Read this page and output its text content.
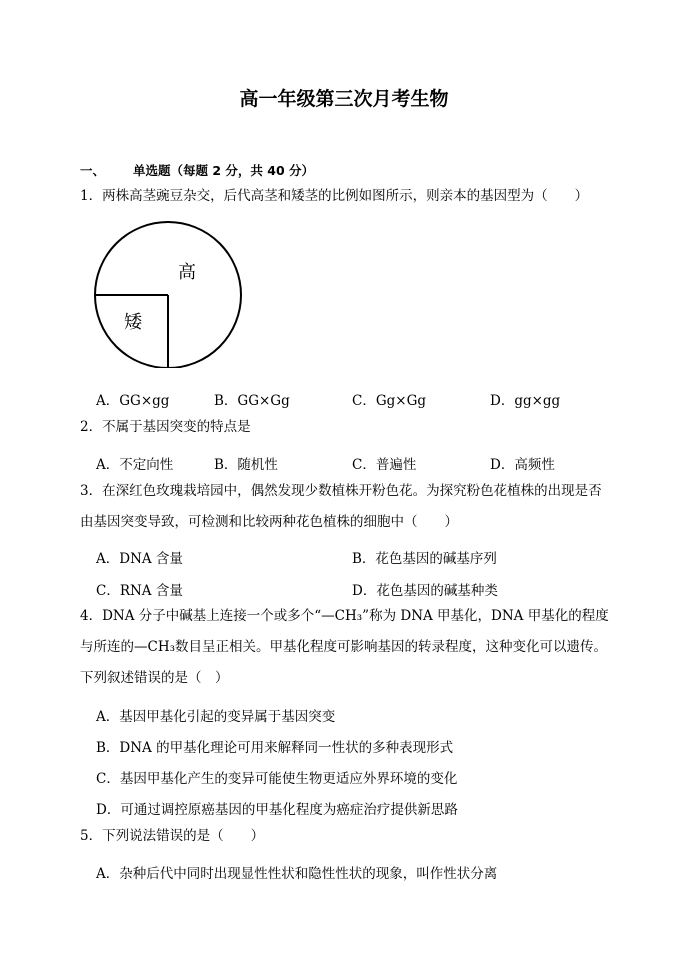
高一年级第三次月考生物
一、 单选题（每题 2 分，共 40 分）
1．两株高茎豌豆杂交，后代高茎和矮茎的比例如图所示，则亲本的基因型为（　　）
高
矮
A．GG×gg	B．GG×Gg	C．Gg×Gg	D．gg×gg
2．不属于基因突变的特点是
A．不定向性	B．随机性	C．普遍性	D．高频性
3．在深红色玫瑰栽培园中，偶然发现少数植株开粉色花。为探究粉色花植株的出现是否
由基因突变导致，可检测和比较两种花色植株的细胞中（　　）
A．DNA 含量	B．花色基因的碱基序列
C．RNA 含量	D．花色基因的碱基种类
4．DNA 分子中碱基上连接一个或多个“—CH₃”称为 DNA 甲基化，DNA 甲基化的程度
与所连的—CH₃数目呈正相关。甲基化程度可影响基因的转录程度，这种变化可以遗传。
下列叙述错误的是（　）
A．基因甲基化引起的变异属于基因突变
B．DNA 的甲基化理论可用来解释同一性状的多种表现形式
C．基因甲基化产生的变异可能使生物更适应外界环境的变化
D．可通过调控原癌基因的甲基化程度为癌症治疗提供新思路
5．下列说法错误的是（　　）
A．杂种后代中同时出现显性性状和隐性性状的现象，叫作性状分离
